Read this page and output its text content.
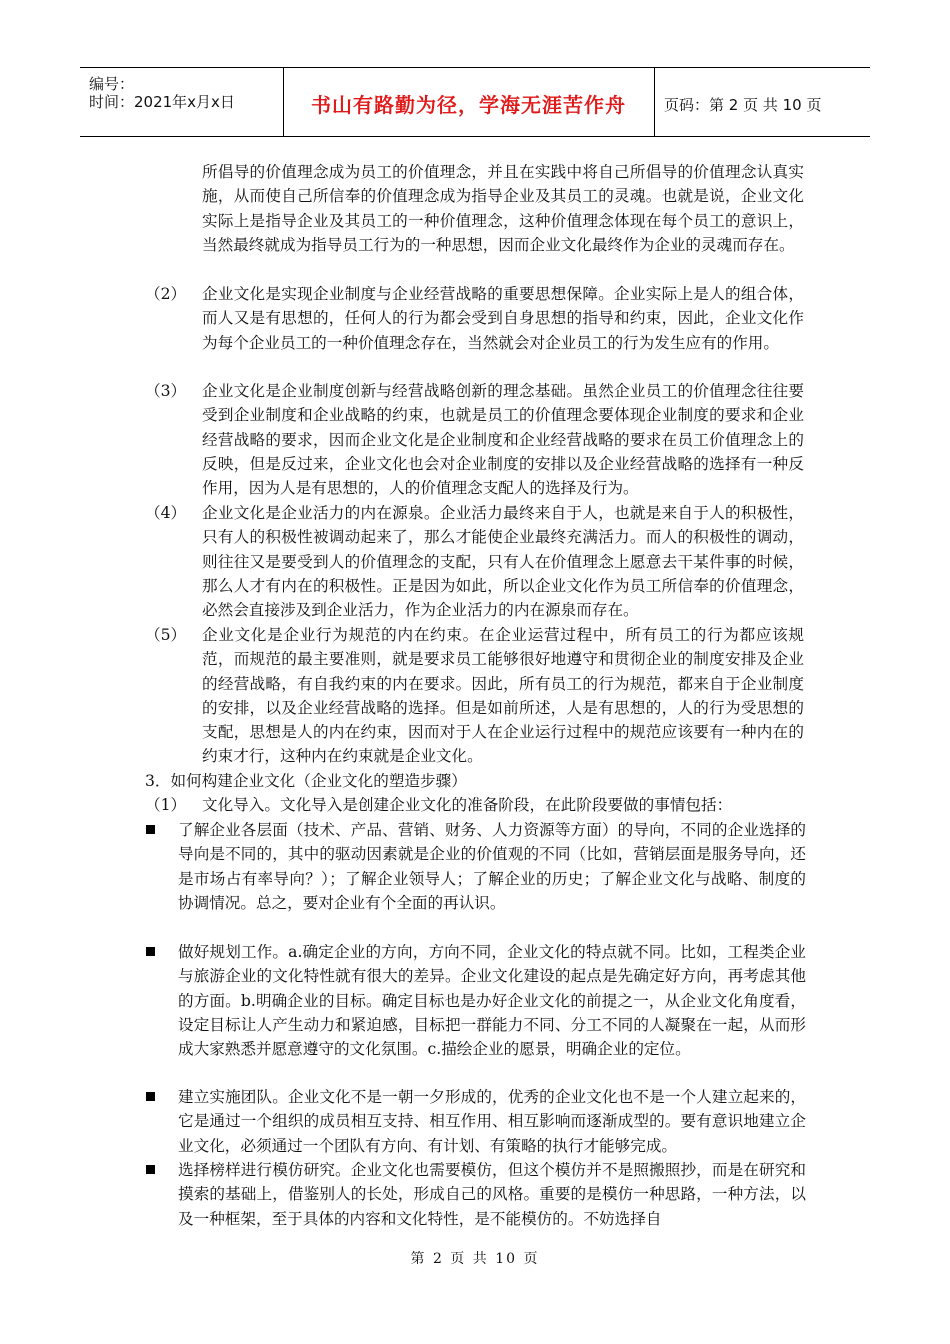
编号：
时间：2021年x月x日	书山有路勤为径，学海无涯苦作舟	页码：第 2 页 共 10 页
所倡导的价值理念成为员工的价值理念，并且在实践中将自己所倡导的价值理念认真实施，从而使自己所信奉的价值理念成为指导企业及其员工的灵魂。也就是说，企业文化实际上是指导企业及其员工的一种价值理念，这种价值理念体现在每个员工的意识上，当然最终就成为指导员工行为的一种思想，因而企业文化最终作为企业的灵魂而存在。
（2） 企业文化是实现企业制度与企业经营战略的重要思想保障。企业实际上是人的组合体，而人又是有思想的，任何人的行为都会受到自身思想的指导和约束，因此，企业文化作为每个企业员工的一种价值理念存在，当然就会对企业员工的行为发生应有的作用。
（3） 企业文化是企业制度创新与经营战略创新的理念基础。虽然企业员工的价值理念往往要受到企业制度和企业战略的约束，也就是员工的价值理念要体现企业制度的要求和企业经营战略的要求，因而企业文化是企业制度和企业经营战略的要求在员工价值理念上的反映，但是反过来，企业文化也会对企业制度的安排以及企业经营战略的选择有一种反作用，因为人是有思想的，人的价值理念支配人的选择及行为。
（4） 企业文化是企业活力的内在源泉。企业活力最终来自于人，也就是来自于人的积极性，只有人的积极性被调动起来了，那么才能使企业最终充满活力。而人的积极性的调动，则往往又是要受到人的价值理念的支配，只有人在价值理念上愿意去干某件事的时候，那么人才有内在的积极性。正是因为如此，所以企业文化作为员工所信奉的价值理念，必然会直接涉及到企业活力，作为企业活力的内在源泉而存在。
（5） 企业文化是企业行为规范的内在约束。在企业运营过程中，所有员工的行为都应该规范，而规范的最主要准则，就是要求员工能够很好地遵守和贯彻企业的制度安排及企业的经营战略，有自我约束的内在要求。因此，所有员工的行为规范，都来自于企业制度的安排，以及企业经营战略的选择。但是如前所述，人是有思想的，人的行为受思想的支配，思想是人的内在约束，因而对于人在企业运行过程中的规范应该要有一种内在的约束才行，这种内在约束就是企业文化。
3．如何构建企业文化（企业文化的塑造步骤）
（1） 文化导入。文化导入是创建企业文化的准备阶段，在此阶段要做的事情包括：
了解企业各层面（技术、产品、营销、财务、人力资源等方面）的导向，不同的企业选择的导向是不同的，其中的驱动因素就是企业的价值观的不同（比如，营销层面是服务导向，还是市场占有率导向？）；了解企业领导人；了解企业的历史；了解企业文化与战略、制度的协调情况。总之，要对企业有个全面的再认识。
做好规划工作。a.确定企业的方向，方向不同，企业文化的特点就不同。比如，工程类企业与旅游企业的文化特性就有很大的差异。企业文化建设的起点是先确定好方向，再考虑其他的方面。b.明确企业的目标。确定目标也是办好企业文化的前提之一，从企业文化角度看，设定目标让人产生动力和紧迫感，目标把一群能力不同、分工不同的人凝聚在一起，从而形成大家熟悉并愿意遵守的文化氛围。c.描绘企业的愿景，明确企业的定位。
建立实施团队。企业文化不是一朝一夕形成的，优秀的企业文化也不是一个人建立起来的，它是通过一个组织的成员相互支持、相互作用、相互影响而逐渐成型的。要有意识地建立企业文化，必须通过一个团队有方向、有计划、有策略的执行才能够完成。
选择榜样进行模仿研究。企业文化也需要模仿，但这个模仿并不是照搬照抄，而是在研究和摸索的基础上，借鉴别人的长处，形成自己的风格。重要的是模仿一种思路，一种方法，以及一种框架，至于具体的内容和文化特性，是不能模仿的。不妨选择自
第 2 页 共 10 页
